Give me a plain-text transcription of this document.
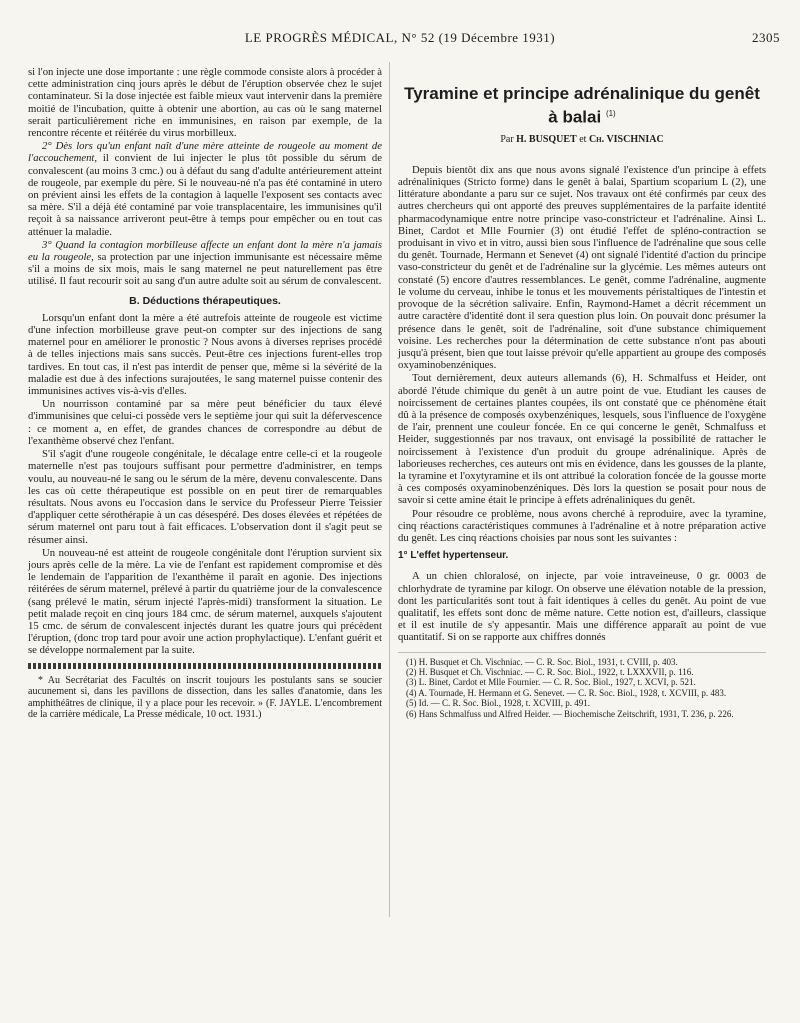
LE PROGRÈS MÉDICAL, N° 52 (19 Décembre 1931)	2305

si l'on injecte une dose importante : une règle commode consiste alors à procéder à cette administration cinq jours après le début de l'éruption observée chez le sujet contaminateur. Si la dose injectée est faible mieux vaut intervenir dans la première moitié de l'incubation, quitte à obtenir une abortion, au cas où le sang maternel serait particulièrement riche en immunisines, en raison par exemple, de la rencontre récente et réitérée du virus morbilleux.

2° Dès lors qu'un enfant naît d'une mère atteinte de rougeole au moment de l'accouchement, il convient de lui injecter le plus tôt possible du sérum de convalescent (au moins 3 cmc.) ou à défaut du sang d'adulte antérieurement atteint de rougeole, par exemple du père. Si le nouveau-né n'a pas été contaminé in utero on prévient ainsi les effets de la contagion à laquelle l'exposent ses contacts avec sa mère. S'il a déjà été contaminé par voie transplacentaire, les immunisines qu'il reçoit à sa naissance arriveront peut-être à temps pour empêcher ou en tout cas atténuer la maladie.

3° Quand la contagion morbilleuse affecte un enfant dont la mère n'a jamais eu la rougeole, sa protection par une injection immunisante est nécessaire même s'il a moins de six mois, mais le sang maternel ne peut naturellement pas être utilisé. Il faut recourir soit au sang d'un autre adulte soit au sérum de convalescent.

B. Déductions thérapeutiques.

Lorsqu'un enfant dont la mère a été autrefois atteinte de rougeole est victime d'une infection morbilleuse grave peut-on compter sur des injections de sang maternel pour en améliorer le pronostic ? Nous avons à diverses reprises procédé à de telles injections mais sans succès. Peut-être ces injections furent-elles trop tardives. En tout cas, il n'est pas interdit de penser que, même si la sévérité de la maladie est due à des infections surajoutées, le sang maternel puisse contenir des immunisines actives vis-à-vis d'elles.

Un nourrisson contaminé par sa mère peut bénéficier du taux élevé d'immunisines que celui-ci possède vers le septième jour qui suit la défervescence : ce moment a, en effet, de grandes chances de correspondre au début de l'exanthème observé chez l'enfant.

S'il s'agit d'une rougeole congénitale, le décalage entre celle-ci et la rougeole maternelle n'est pas toujours suffisant pour permettre d'administrer, en temps voulu, au nouveau-né le sang ou le sérum de la mère, devenu convalescente. Dans les cas où cette thérapeutique est possible on en peut tirer de remarquables résultats. Nous avons eu l'occasion dans le service du Professeur Pierre Teissier d'appliquer cette sérothérapie à un cas désespéré. Des doses élevées et répétées de sérum maternel ont paru tout à fait efficaces. L'observation dont il s'agit peut se résumer ainsi.

Un nouveau-né est atteint de rougeole congénitale dont l'éruption survient six jours après celle de la mère. La vie de l'enfant est rapidement compromise et dès le lendemain de l'apparition de l'exanthème il paraît en agonie. Des injections réitérées de sérum maternel, prélevé à partir du quatrième jour de la convalescence (sang prélevé le matin, sérum injecté l'après-midi) transforment la situation. Le petit malade reçoit en cinq jours 184 cmc. de sérum maternel, auxquels s'ajoutent 15 cmc. de sérum de convalescent injectés durant les quatre jours qui précèdent l'éruption, (donc trop tard pour avoir une action prophylactique). L'enfant guérit et se développe normalement par la suite.

* Au Secrétariat des Facultés on inscrit toujours les postulants sans se soucier aucunement si, dans les pavillons de dissection, dans les salles d'anatomie, dans les amphithéâtres de clinique, il y a place pour les recevoir. » (F. JAYLE. L'encombrement de la carrière médicale, La Presse médicale, 10 oct. 1931.)

Tyramine et principe adrénalinique du genêt à balai $^{(1)}$
Par H. BUSQUET et Ch. VISCHNIAC

Depuis bientôt dix ans que nous avons signalé l'existence d'un principe à effets adrénaliniques (Stricto forme) dans le genêt à balai, Spartium scoparium L (2), une littérature abondante a paru sur ce sujet. Nos travaux ont été confirmés par ceux des autres chercheurs qui ont apporté des preuves supplémentaires de la parfaite identité pharmacodynamique entre notre principe vaso-constricteur et l'adrénaline. Ainsi L. Binet, Cardot et Mlle Fournier (3) ont étudié l'effet de spléno-contraction se produisant in vivo et in vitro, aussi bien sous l'influence de l'adrénaline que sous celle du genêt. Tournade, Hermann et Senevet (4) ont signalé l'identité d'action du principe vaso-constricteur du genêt et de l'adrénaline sur la glycémie. Les mêmes auteurs ont constaté (5) encore d'autres ressemblances. Le genêt, comme l'adrénaline, augmente le volume du cerveau, inhibe le tonus et les mouvements péristaltiques de l'intestin et provoque de la sécrétion salivaire. Enfin, Raymond-Hamet a décrit récemment un autre caractère d'identité dont il sera question plus loin. On pouvait donc présumer la présence dans le genêt, soit de l'adrénaline, soit d'une substance chimiquement voisine. Les recherches pour la détermination de cette substance n'ont pas abouti jusqu'à présent, bien que tout laisse prévoir qu'elle appartient au groupe des composés oxyaminobenzéniques.

Tout dernièrement, deux auteurs allemands (6), H. Schmalfuss et Heider, ont abordé l'étude chimique du genêt à un autre point de vue. Etudiant les causes de noircissement de certaines plantes coupées, ils ont constaté que ce phénomène était dû à la présence de composés oxybenzéniques, lesquels, sous l'influence de l'oxygène de l'air, prennent une couleur foncée. En ce qui concerne le genêt, Schmalfuss et Heider, suggestionnés par nos travaux, ont envisagé la possibilité de rattacher le noircissement à l'existence d'un produit du groupe adrénalinique. Après de laborieuses recherches, ces auteurs ont mis en évidence, dans les gousses de la plante, la tyramine et l'oxytyramine et ils ont attribué la coloration foncée de la gousse morte à ces composés oxyaminobenzéniques. Dès lors la question se posait pour nous de savoir si cette amine était le principe à effets adrénaliniques du genêt.

Pour résoudre ce problème, nous avons cherché à reproduire, avec la tyramine, cinq réactions caractéristiques communes à l'adrénaline et à notre préparation active du genêt. Les cinq réactions choisies par nous sont les suivantes :

1° L'effet hypertenseur.

A un chien chloralosé, on injecte, par voie intraveineuse, 0 gr. 0003 de chlorhydrate de tyramine par kilogr. On observe une élévation notable de la pression, dont les particularités sont tout à fait identiques à celles du genêt. Au point de vue qualitatif, les effets sont donc de même nature. Cette notion est, d'ailleurs, classique et il est inutile de s'y appesantir. Mais une différence apparaît au point de vue quantitatif. Si on se rapporte aux chiffres donnés

(1) H. Busquet et Ch. Vischniac. — C. R. Soc. Biol., 1931, t. CVIII, p. 403.
(2) H. Busquet et Ch. Vischniac. — C. R. Soc. Biol., 1922, t. LXXXVII, p. 116.
(3) L. Binet, Cardot et Mlle Fournier. — C. R. Soc. Biol., 1927, t. XCVI, p. 521.
(4) A. Tournade, H. Hermann et G. Senevet. — C. R. Soc. Biol., 1928, t. XCVIII, p. 483.
(5) Id. — C. R. Soc. Biol., 1928, t. XCVIII, p. 491.
(6) Hans Schmalfuss und Alfred Heider. — Biochemische Zeitschrift, 1931, T. 236, p. 226.
